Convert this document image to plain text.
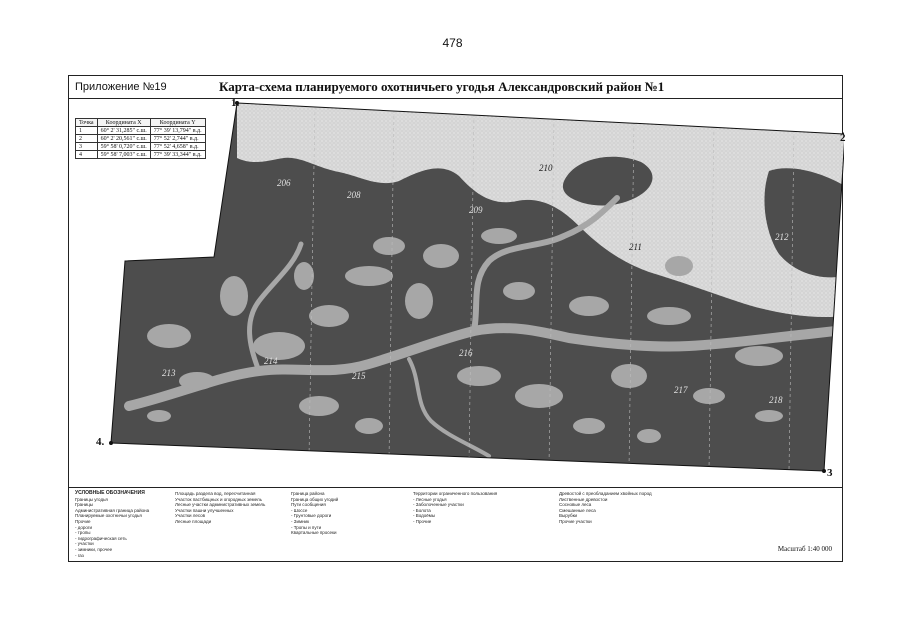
478
Приложение №19	Карта-схема планируемого охотничьего угодья Александровский район №1
206
208
209
210
211
212
213
214
215
216
217
218
1.
2
3
4.
Точка	Координата X	Координата Y
1	60° 2' 31,285" с.ш.	77° 39' 13,794" в.д.
2	60° 2' 20,561" с.ш.	77° 52' 2,744" в.д.
3	59° 58' 0,720" с.ш.	77° 52' 4,658" в.д.
4	59° 58' 7,003" с.ш.	77° 39' 33,344" в.д.
УСЛОВНЫЕ ОБОЗНАЧЕНИЯ
Границы угодья
Границы
Административная граница района
Планируемые охотничьи угодья
Прочие
- дороги
- тропы
- гидрографическая сеть
- участки
- зимники, прочее
- газ
Площадь раздела вод, пересчитанная
Участок пастбищных и огородных земель
Лесные участки административных земель
Участки пашни улучшенных
Участки лесов
Лесные площади
Граница района
Граница общих угодий
Пути сообщения
- Шоссе
- Грунтовые дороги
- Зимник
- Тропы и пути
Квартальные просеки
Территории ограниченного пользования
- Лесные угодья
- Заболоченные участки
- Болота
- Водоёмы
- Прочие
Древостой с преобладанием хвойных пород
Лиственные древостои
Сосновые леса
Смешанные леса
Вырубки
Прочие участки
Масштаб 1:40 000
